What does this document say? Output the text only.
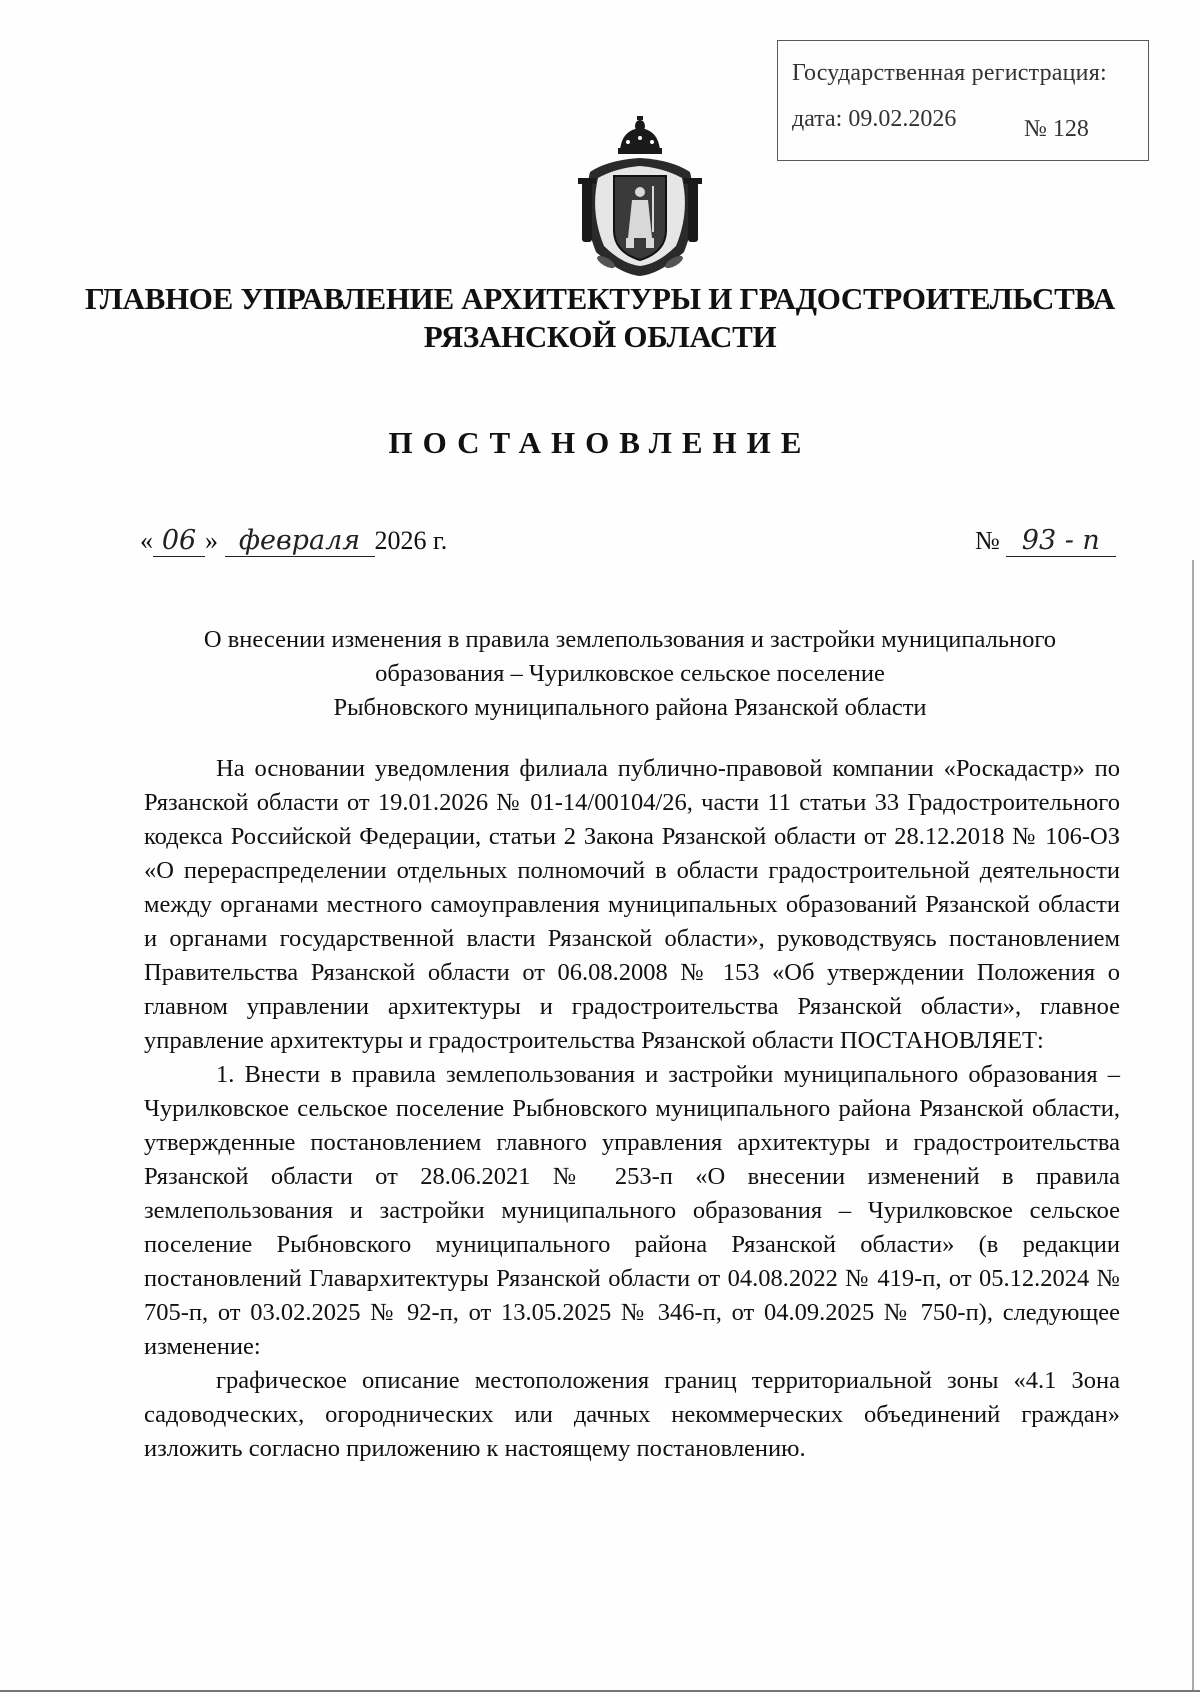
Государственная регистрация:
дата: 09.02.2026	№ 128
ГЛАВНОЕ УПРАВЛЕНИЕ АРХИТЕКТУРЫ И ГРАДОСТРОИТЕЛЬСТВА
РЯЗАНСКОЙ ОБЛАСТИ
ПОСТАНОВЛЕНИЕ
« 06 » февраля 2026 г.	№ 93 - п
О внесении изменения в правила землепользования и застройки муниципального
образования – Чурилковское сельское поселение
Рыбновского муниципального района Рязанской области

На основании уведомления филиала публично-правовой компании «Роскадастр» по Рязанской области от 19.01.2026 № 01-14/00104/26, части 11 статьи 33 Градостроительного кодекса Российской Федерации, статьи 2 Закона Рязанской области от 28.12.2018 № 106-ОЗ «О перераспределении отдельных полномочий в области градостроительной деятельности между органами местного самоуправления муниципальных образований Рязанской области и органами государственной власти Рязанской области», руководствуясь постановлением Правительства Рязанской области от 06.08.2008 № 153 «Об утверждении Положения о главном управлении архитектуры и градостроительства Рязанской области», главное управление архитектуры и градостроительства Рязанской области ПОСТАНОВЛЯЕТ:

1. Внести в правила землепользования и застройки муниципального образования – Чурилковское сельское поселение Рыбновского муниципального района Рязанской области, утвержденные постановлением главного управления архитектуры и градостроительства Рязанской области от 28.06.2021 № 253-п «О внесении изменений в правила землепользования и застройки муниципального образования – Чурилковское сельское поселение Рыбновского муниципального района Рязанской области» (в редакции постановлений Главархитектуры Рязанской области от 04.08.2022 № 419-п, от 05.12.2024 № 705-п, от 03.02.2025 № 92-п, от 13.05.2025 № 346-п, от 04.09.2025 № 750-п), следующее изменение:

графическое описание местоположения границ территориальной зоны «4.1 Зона садоводческих, огороднических или дачных некоммерческих объединений граждан» изложить согласно приложению к настоящему постановлению.
